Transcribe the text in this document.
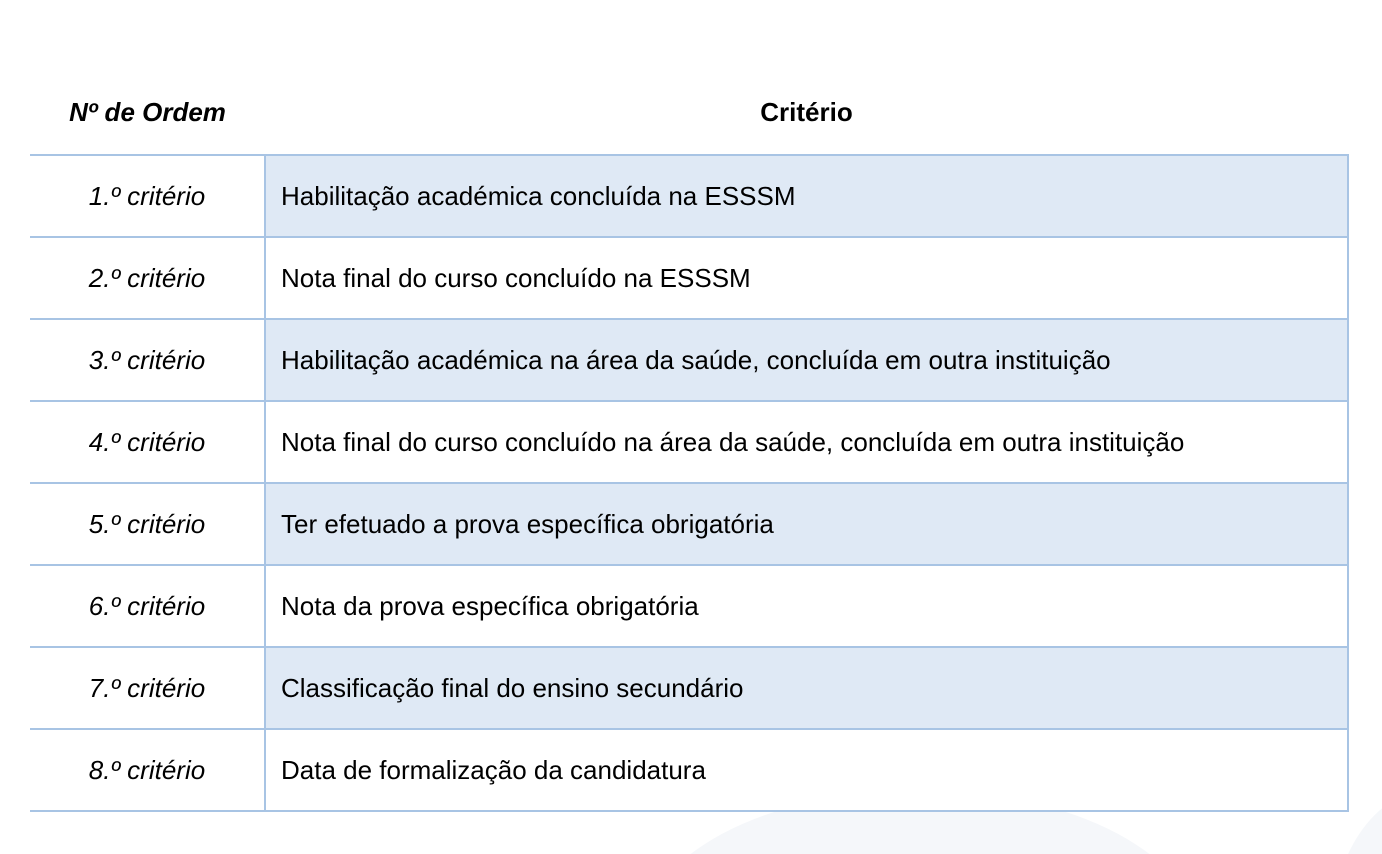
Nº de Ordem	Critério
1.º critério	Habilitação académica concluída na ESSSM
2.º critério	Nota final do curso concluído na ESSSM
3.º critério	Habilitação académica na área da saúde, concluída em outra instituição
4.º critério	Nota final do curso concluído na área da saúde, concluída em outra instituição
5.º critério	Ter efetuado a prova específica obrigatória
6.º critério	Nota da prova específica obrigatória
7.º critério	Classificação final do ensino secundário
8.º critério	Data de formalização da candidatura
